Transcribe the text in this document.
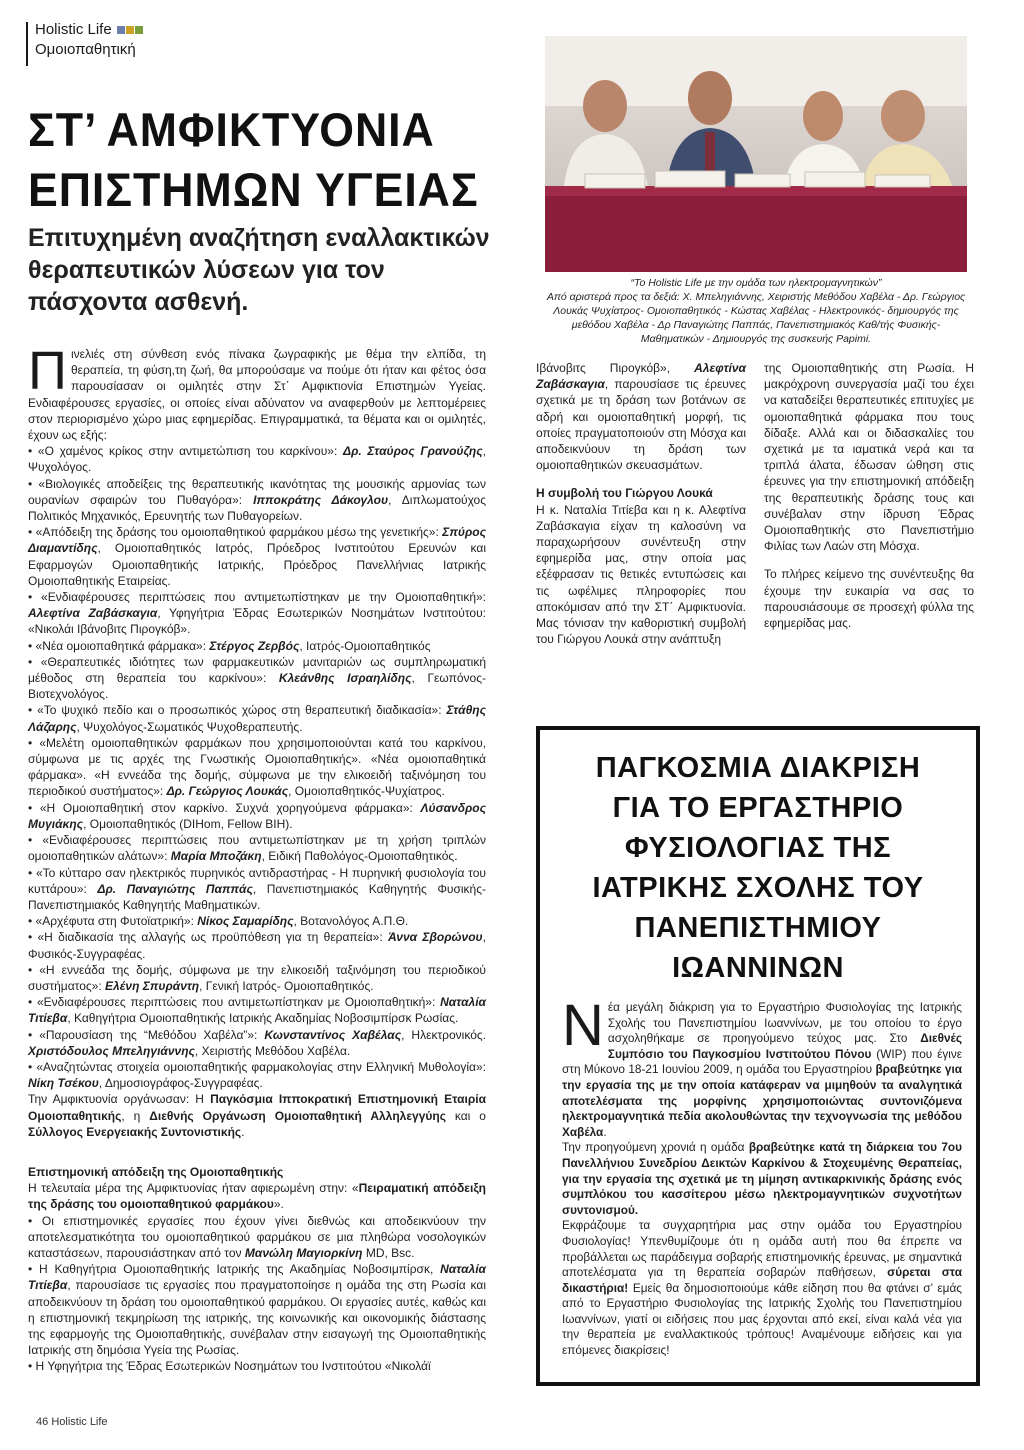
Holistic Life
Ομοιοπαθητική
ΣΤ’ ΑΜΦΙΚΤΥΟΝΙΑ
ΕΠΙΣΤΗΜΩΝ ΥΓΕΙΑΣ
Επιτυχημένη αναζήτηση εναλλακτικών θεραπευτικών λύσεων για τον πάσχοντα ασθενή.
“Το Holistic Life με την ομάδα των ηλεκτρομαγνητικών”
Από αριστερά προς τα δεξιά: Χ. Μπεληγιάννης, Χειριστής Μεθόδου Χαβέλα - Δρ. Γεώργιος Λουκάς Ψυχίατρος- Ομοιοπαθητικός - Κώστας Χαβέλας - Ηλεκτρονικός- δημιουργός της μεθόδου Χαβέλα - Δρ Παναγιώτης Παππάς, Πανεπιστημιακός Καθ/τής Φυσικής- Μαθηματικών - Δημιουργός της συσκευής Papimi.

Πινελιές στη σύνθεση ενός πίνακα ζωγραφικής με θέμα την ελπίδα, τη θεραπεία, τη φύση,τη ζωή, θα μπορούσαμε να πούμε ότι ήταν και φέτος όσα παρουσίασαν οι ομιλητές στην Στ΄ Αμφικτιονία Επιστημών Υγείας. Ενδιαφέρουσες εργασίες, οι οποίες είναι αδύνατον να αναφερθούν με λεπτομέρειες στον περιορισμένο χώρο μιας εφημερίδας. Επιγραμματικά, τα θέματα και οι ομιλητές, έχουν ως εξής:

• «Ο χαμένος κρίκος στην αντιμετώπιση του καρκίνου»: Δρ. Σταύρος Γρανούζης, Ψυχολόγος.

• «Βιολογικές αποδείξεις της θεραπευτικής ικανότητας της μουσικής αρμονίας των ουρανίων σφαιρών του Πυθαγόρα»: Ιπποκράτης Δάκογλου, Διπλωματούχος Πολιτικός Μηχανικός, Ερευνητής των Πυθαγορείων.

• «Απόδειξη της δράσης του ομοιοπαθητικού φαρμάκου μέσω της γενετικής»: Σπύρος Διαμαντίδης, Ομοιοπαθητικός Ιατρός, Πρόεδρος Ινστιτούτου Ερευνών και Εφαρμογών Ομοιοπαθητικής Ιατρικής, Πρόεδρος Πανελλήνιας Ιατρικής Ομοιοπαθητικής Εταιρείας.

• «Ενδιαφέρουσες περιπτώσεις που αντιμετωπίστηκαν με την Ομοιοπαθητική»: Αλεφτίνα Ζαβάσκαγια, Υφηγήτρια Έδρας Εσωτερικών Νοσημάτων Ινστιτούτου: «Νικολάι Ιβάνοβιτς Πιρογκόβ».

• «Νέα ομοιοπαθητικά φάρμακα»: Στέργος Ζερβός, Ιατρός-Ομοιοπαθητικός

• «Θεραπευτικές ιδιότητες των φαρμακευτικών μανιταριών ως συμπληρωματική μέθοδος στη θεραπεία του καρκίνου»: Κλεάνθης Ισραηλίδης, Γεωπόνος-Βιοτεχνολόγος.

• «Το ψυχικό πεδίο και ο προσωπικός χώρος στη θεραπευτική διαδικασία»: Στάθης Λάζαρης, Ψυχολόγος-Σωματικός Ψυχοθεραπευτής.

• «Μελέτη ομοιοπαθητικών φαρμάκων που χρησιμοποιούνται κατά του καρκίνου, σύμφωνα με τις αρχές της Γνωστικής Ομοιοπαθητικής». «Νέα ομοιοπαθητικά φάρμακα». «Η εννεάδα της δομής, σύμφωνα με την ελικοειδή ταξινόμηση του περιοδικού συστήματος»: Δρ. Γεώργιος Λουκάς, Ομοιοπαθητικός-Ψυχίατρος.

• «Η Ομοιοπαθητική στον καρκίνο. Συχνά χορηγούμενα φάρμακα»: Λύσανδρος Μυγιάκης, Ομοιοπαθητικός (DIHom, Fellow BIH).

• «Ενδιαφέρουσες περιπτώσεις που αντιμετωπίστηκαν με τη χρήση τριπλών ομοιοπαθητικών αλάτων»: Μαρία Μποζάκη, Ειδική Παθολόγος-Ομοιοπαθητικός.

• «Το κύτταρο σαν ηλεκτρικός πυρηνικός αντιδραστήρας - Η πυρηνική φυσιολογία του κυττάρου»: Δρ. Παναγιώτης Παππάς, Πανεπιστημιακός Καθηγητής Φυσικής-Πανεπιστημιακός Καθηγητής Μαθηματικών.

• «Αρχέφυτα στη Φυτοϊατρική»: Νίκος Σαμαρίδης, Βοτανολόγος Α.Π.Θ.

• «Η διαδικασία της αλλαγής ως προϋπόθεση για τη θεραπεία»: Άννα Σβορώνου, Φυσικός-Συγγραφέας.

• «Η εννεάδα της δομής, σύμφωνα με την ελικοειδή ταξινόμηση του περιοδικού συστήματος»: Ελένη Σπυράντη, Γενική Ιατρός- Ομοιοπαθητικός.

• «Ενδιαφέρουσες περιπτώσεις που αντιμετωπίστηκαν με Ομοιοπαθητική»: Ναταλία Τιτίεβα, Καθηγήτρια Ομοιοπαθητικής Ιατρικής Ακαδημίας Νοβοσιμπίρσκ Ρωσίας.

• «Παρουσίαση της “Μεθόδου Χαβέλα”»: Κωνσταντίνος Χαβέλας, Ηλεκτρονικός. Χριστόδουλος Μπεληγιάννης, Χειριστής Μεθόδου Χαβέλα.

• «Αναζητώντας στοιχεία ομοιοπαθητικής φαρμακολογίας στην Ελληνική Μυθολογία»: Νίκη Τσέκου, Δημοσιογράφος-Συγγραφέας.

Την Αμφικτυονία οργάνωσαν: Η Παγκόσμια Ιπποκρατική Επιστημονική Εταιρία Ομοιοπαθητικής, η Διεθνής Οργάνωση Ομοιοπαθητική Αλληλεγγύης και ο Σύλλογος Ενεργειακής Συντονιστικής.

Επιστημονική απόδειξη της Ομοιοπαθητικής

Η τελευταία μέρα της Αμφικτυονίας ήταν αφιερωμένη στην: «Πειραματική απόδειξη της δράσης του ομοιοπαθητικού φαρμάκου».

• Οι επιστημονικές εργασίες που έχουν γίνει διεθνώς και αποδεικνύουν την αποτελεσματικότητα του ομοιοπαθητικού φαρμάκου σε μια πληθώρα νοσολογικών καταστάσεων, παρουσιάστηκαν από τον Μανώλη Μαγιορκίνη MD, Bsc.

• Η Καθηγήτρια Ομοιοπαθητικής Ιατρικής της Ακαδημίας Νοβοσιμπίρσκ, Ναταλία Τιτίεβα, παρουσίασε τις εργασίες που πραγματοποίησε η ομάδα της στη Ρωσία και αποδεικνύουν τη δράση του ομοιοπαθητικού φαρμάκου. Οι εργασίες αυτές, καθώς και η επιστημονική τεκμηρίωση της ιατρικής, της κοινωνικής και οικονομικής διάστασης της εφαρμογής της Ομοιοπαθητικής, συνέβαλαν στην εισαγωγή της Ομοιοπαθητικής Ιατρικής στη δημόσια Υγεία της Ρωσίας.

• Η Υφηγήτρια της Έδρας Εσωτερικών Νοσημάτων του Ινστιτούτου «Νικολάϊ

Ιβάνοβιτς Πιρογκόβ», Αλεφτίνα Ζαβάσκαγια, παρουσίασε τις έρευνες σχετικά με τη δράση των βοτάνων σε αδρή και ομοιοπαθητική μορφή, τις οποίες πραγματοποιούν στη Μόσχα και αποδεικνύουν τη δράση των ομοιοπαθητικών σκευασμάτων.

Η συμβολή του Γιώργου Λουκά

Η κ. Ναταλία Τιτίεβα και η κ. Αλεφτίνα Ζαβάσκαγια είχαν τη καλοσύνη να παραχωρήσουν συνέντευξη στην εφημερίδα μας, στην οποία μας εξέφρασαν τις θετικές εντυπώσεις και τις ωφέλιμες πληροφορίες που αποκόμισαν από την ΣΤ΄ Αμφικτυονία. Μας τόνισαν την καθοριστική συμβολή του Γιώργου Λουκά στην ανάπτυξη

της Ομοιοπαθητικής στη Ρωσία. Η μακρόχρονη συνεργασία μαζί του έχει να καταδείξει θεραπευτικές επιτυχίες με ομοιοπαθητικά φάρμακα που τους δίδαξε. Αλλά και οι διδασκαλίες του σχετικά με τα ιαματικά νερά και τα τριπλά άλατα, έδωσαν ώθηση στις έρευνες για την επιστημονική απόδειξη της θεραπευτικής δράσης τους και συνέβαλαν στην ίδρυση Έδρας Ομοιοπαθητικής στο Πανεπιστήμιο Φιλίας των Λαών στη Μόσχα.

Το πλήρες κείμενο της συνέντευξης θα έχουμε την ευκαιρία να σας το παρουσιάσουμε σε προσεχή φύλλα της εφημερίδας μας.

ΠΑΓΚΟΣΜΙΑ ΔΙΑΚΡΙΣΗ
ΓΙΑ ΤΟ ΕΡΓΑΣΤΗΡΙΟ
ΦΥΣΙΟΛΟΓΙΑΣ ΤΗΣ
ΙΑΤΡΙΚΗΣ ΣΧΟΛΗΣ ΤΟΥ
ΠΑΝΕΠΙΣΤΗΜΙΟΥ
ΙΩΑΝΝΙΝΩΝ

Νέα μεγάλη διάκριση για το Εργαστήριο Φυσιολογίας της Ιατρικής Σχολής του Πανεπιστημίου Ιωαννίνων, με του οποίου το έργο ασχοληθήκαμε σε προηγούμενο τεύχος μας. Στο Διεθνές Συμπόσιο του Παγκοσμίου Ινστιτούτου Πόνου (WIP) που έγινε στη Μύκονο 18-21 Ιουνίου 2009, η ομάδα του Εργαστηρίου βραβεύτηκε για την εργασία της με την οποία κατάφεραν να μιμηθούν τα αναλγητικά αποτελέσματα της μορφίνης χρησιμοποιώντας συντονιζόμενα ηλεκτρομαγνητικά πεδία ακολουθώντας την τεχνογνωσία της μεθόδου Χαβέλα.

Την προηγούμενη χρονιά η ομάδα βραβεύτηκε κατά τη διάρκεια του 7ου Πανελλήνιου Συνεδρίου Δεικτών Καρκίνου & Στοχευμένης Θεραπείας, για την εργασία της σχετικά με τη μίμηση αντικαρκινικής δράσης ενός συμπλόκου του κασσίτερου μέσω ηλεκτρομαγνητικών συχνοτήτων συντονισμού.

Εκφράζουμε τα συγχαρητήρια μας στην ομάδα του Εργαστηρίου Φυσιολογίας! Υπενθυμίζουμε ότι η ομάδα αυτή που θα έπρεπε να προβάλλεται ως παράδειγμα σοβαρής επιστημονικής έρευνας, με σημαντικά αποτελέσματα για τη θεραπεία σοβαρών παθήσεων, σύρεται στα δικαστήρια! Εμείς θα δημοσιοποιούμε κάθε είδηση που θα φτάνει σ’ εμάς από το Εργαστήριο Φυσιολογίας της Ιατρικής Σχολής του Πανεπιστημίου Ιωαννίνων, γιατί οι ειδήσεις που μας έρχονται από εκεί, είναι καλά νέα για την θεραπεία με εναλλακτικούς τρόπους! Αναμένουμε ειδήσεις και για επόμενες διακρίσεις!

46 Holistic Life
